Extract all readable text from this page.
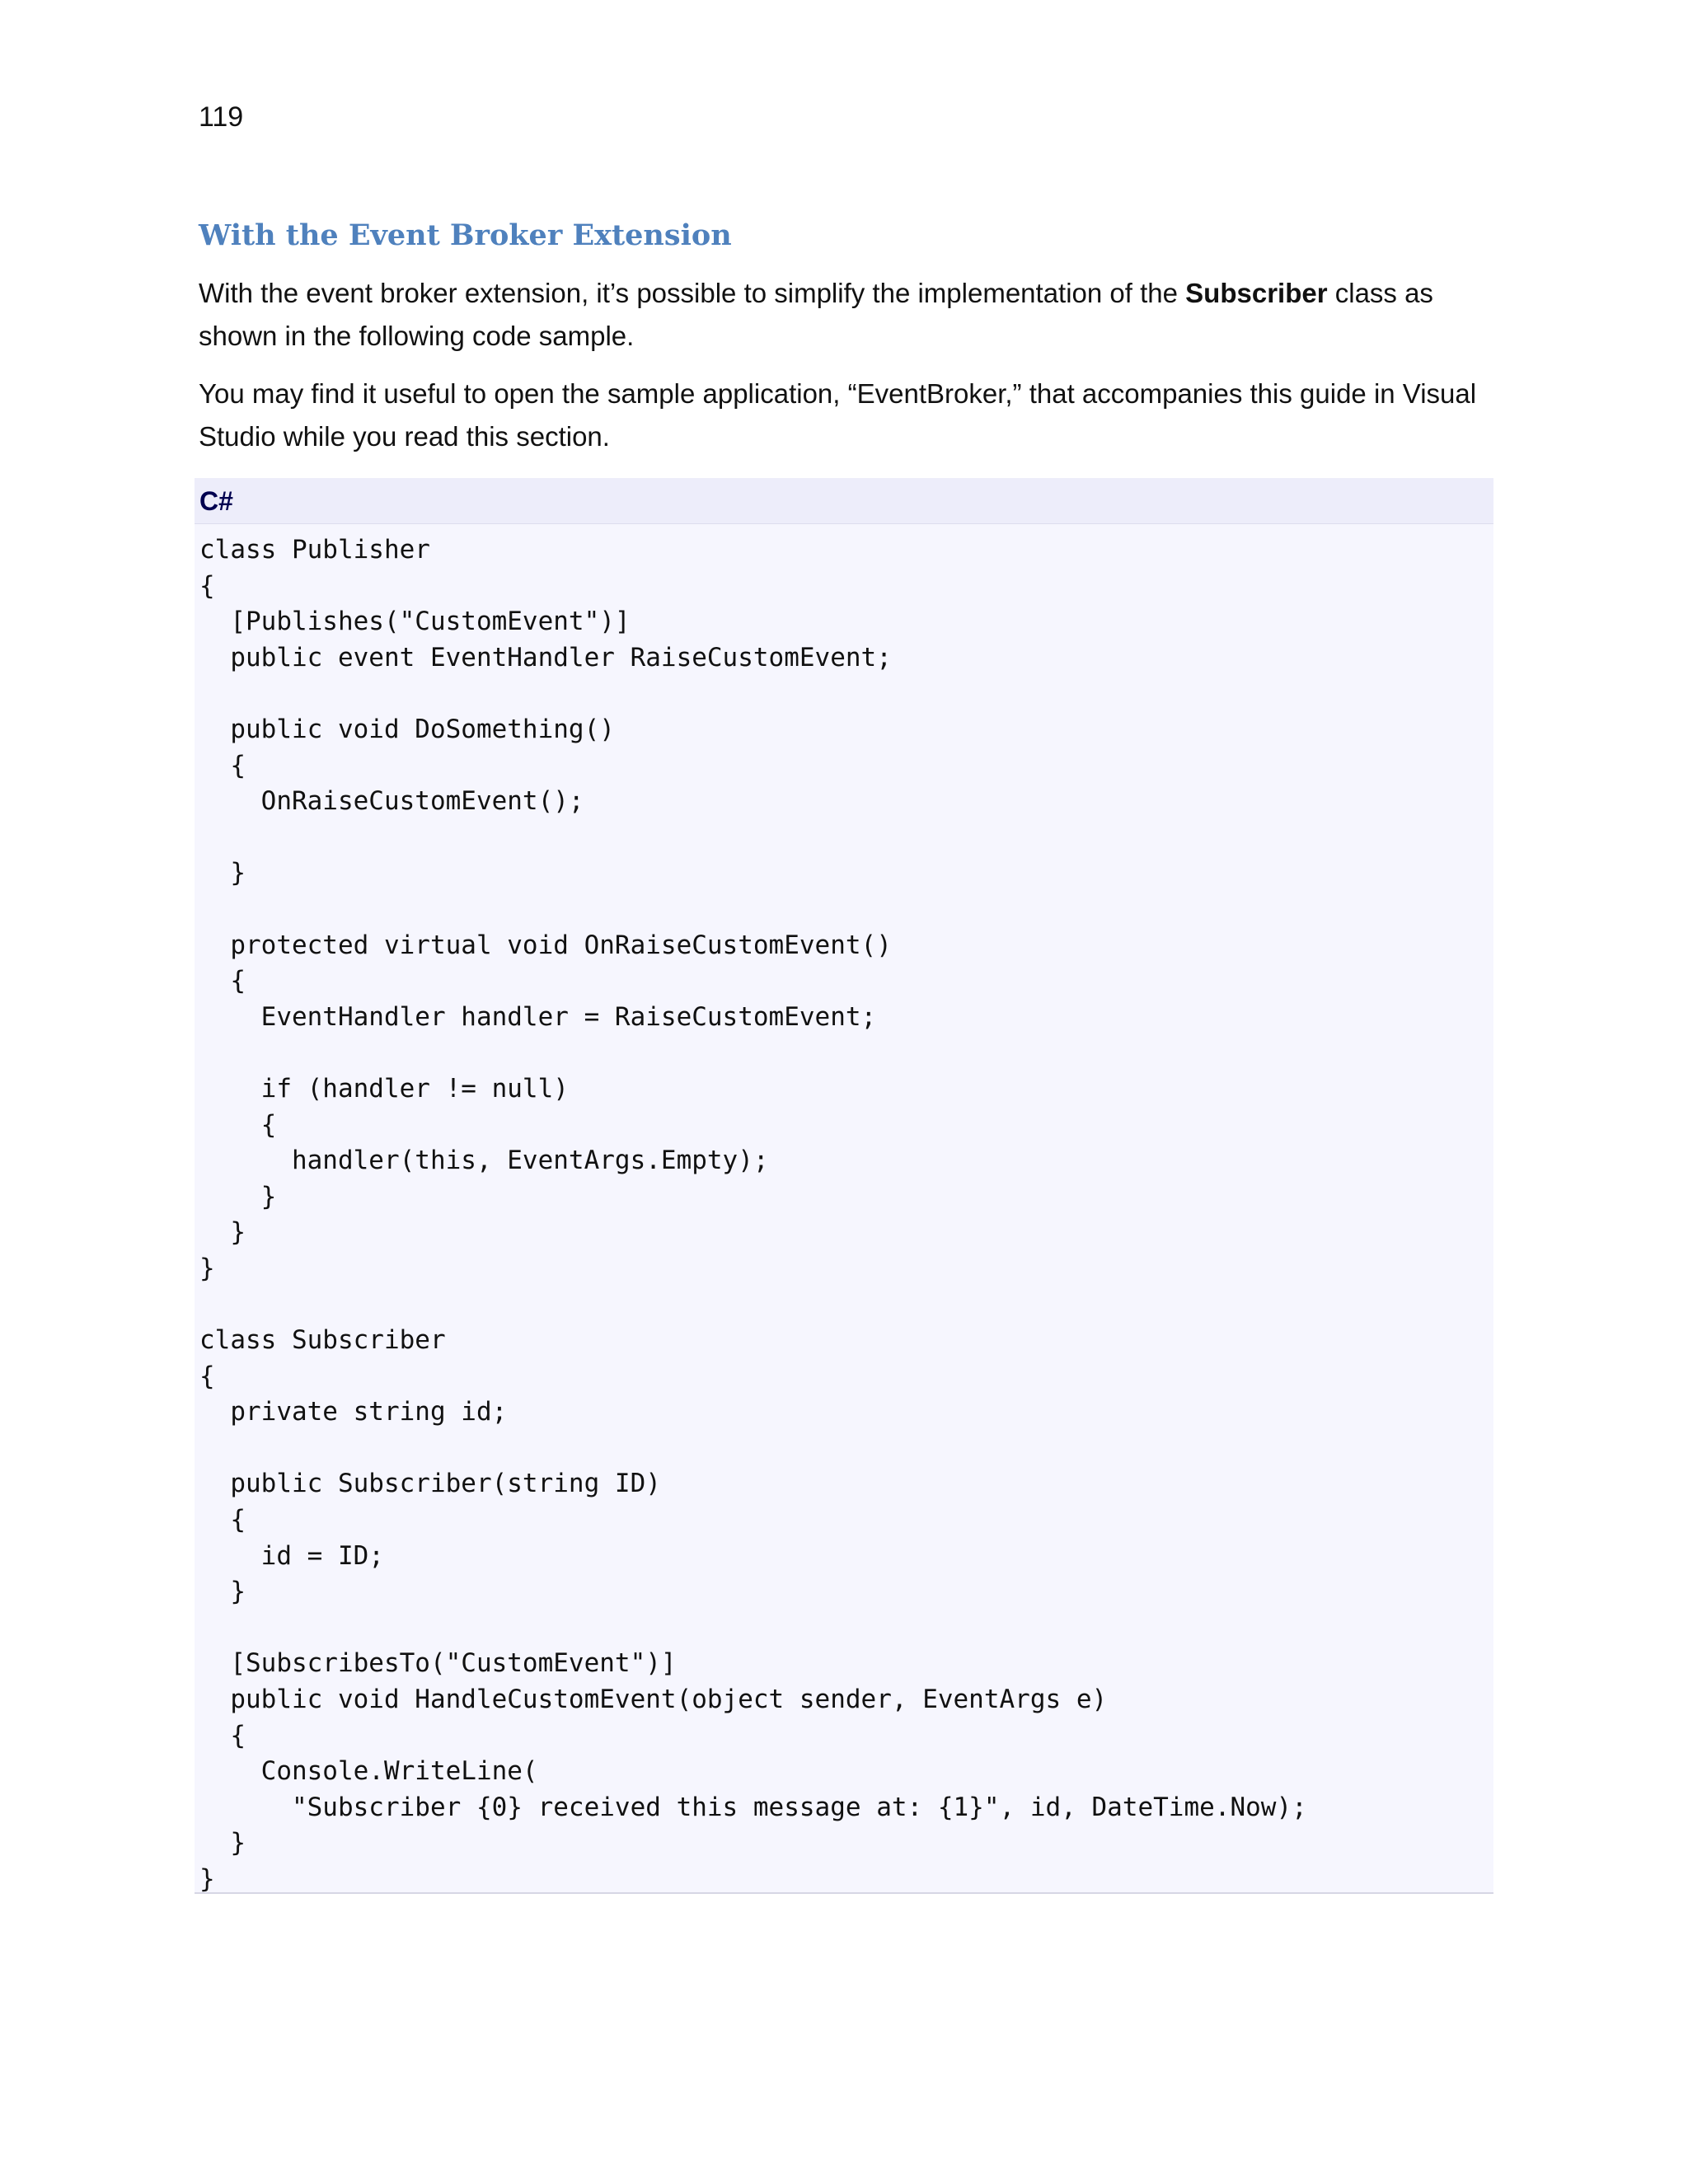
119
With the Event Broker Extension

With the event broker extension, it’s possible to simplify the implementation of the Subscriber class as shown in the following code sample.

You may find it useful to open the sample application, “EventBroker,” that accompanies this guide in Visual Studio while you read this section.

C#
class Publisher
{
[Publishes("CustomEvent")]
public event EventHandler RaiseCustomEvent;
public void DoSomething()
{
OnRaiseCustomEvent();
}
protected virtual void OnRaiseCustomEvent()
{
EventHandler handler = RaiseCustomEvent;
if (handler != null)
{
handler(this, EventArgs.Empty);
}
}
}
class Subscriber
{
private string id;
public Subscriber(string ID)
{
id = ID;
}
[SubscribesTo("CustomEvent")]
public void HandleCustomEvent(object sender, EventArgs e)
{
Console.WriteLine(
"Subscriber {0} received this message at: {1}", id, DateTime.Now);
}
}
